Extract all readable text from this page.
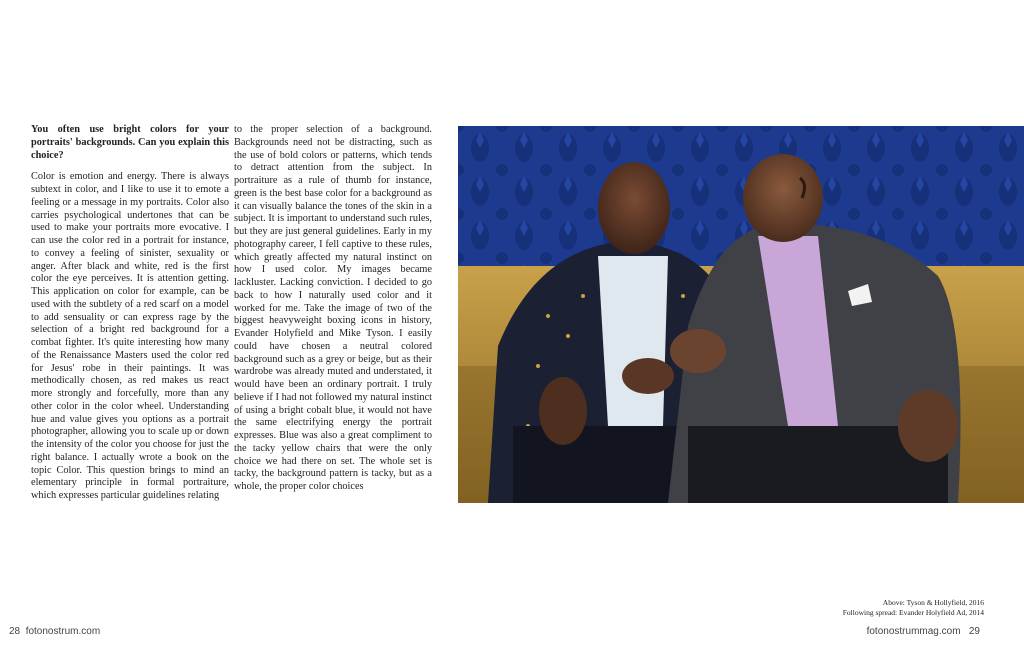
You often use bright colors for your portraits' backgrounds. Can you explain this choice?

Color is emotion and energy. There is always subtext in color, and I like to use it to emote a feeling or a message in my portraits. Color also carries psychological undertones that can be used to make your portraits more evocative. I can use the color red in a portrait for instance, to convey a feeling of sinister, sexuality or anger. After black and white, red is the first color the eye perceives. It is attention getting. This application on color for example, can be used with the subtlety of a red scarf on a model to add sensuality or can express rage by the selection of a bright red background for a combat fighter. It's quite interesting how many of the Renaissance Masters used the color red for Jesus' robe in their paintings. It was methodically chosen, as red makes us react more strongly and forcefully, more than any other color in the color wheel. Understanding hue and value gives you options as a portrait photographer, allowing you to scale up or down the intensity of the color you choose for just the right balance. I actually wrote a book on the topic Color. This question brings to mind an elementary principle in formal portraiture, which expresses particular guidelines relating

to the proper selection of a background. Backgrounds need not be distracting, such as the use of bold colors or patterns, which tends to detract attention from the subject. In portraiture as a rule of thumb for instance, green is the best base color for a background as it can visually balance the tones of the skin in a subject. It is important to understand such rules, but they are just general guidelines. Early in my photography career, I fell captive to these rules, which greatly affected my natural instinct on how I used color. My images became lackluster. Lacking conviction. I decided to go back to how I naturally used color and it worked for me. Take the image of two of the biggest heavyweight boxing icons in history, Evander Holyfield and Mike Tyson. I easily could have chosen a neutral colored background such as a grey or beige, but as their wardrobe was already muted and understated, it would have been an ordinary portrait. I truly believe if I had not followed my natural instinct of using a bright cobalt blue, it would not have the same electrifying energy the portrait expresses. Blue was also a great compliment to the tacky yellow chairs that were the only choice we had there on set. The whole set is tacky, the background pattern is tacky, but as a whole, the proper color choices

28 fotonostrum.com
Above: Tyson & Hollyfield, 2016
Following spread: Evander Holyfield Ad, 2014
fotonostrummag.com 29
